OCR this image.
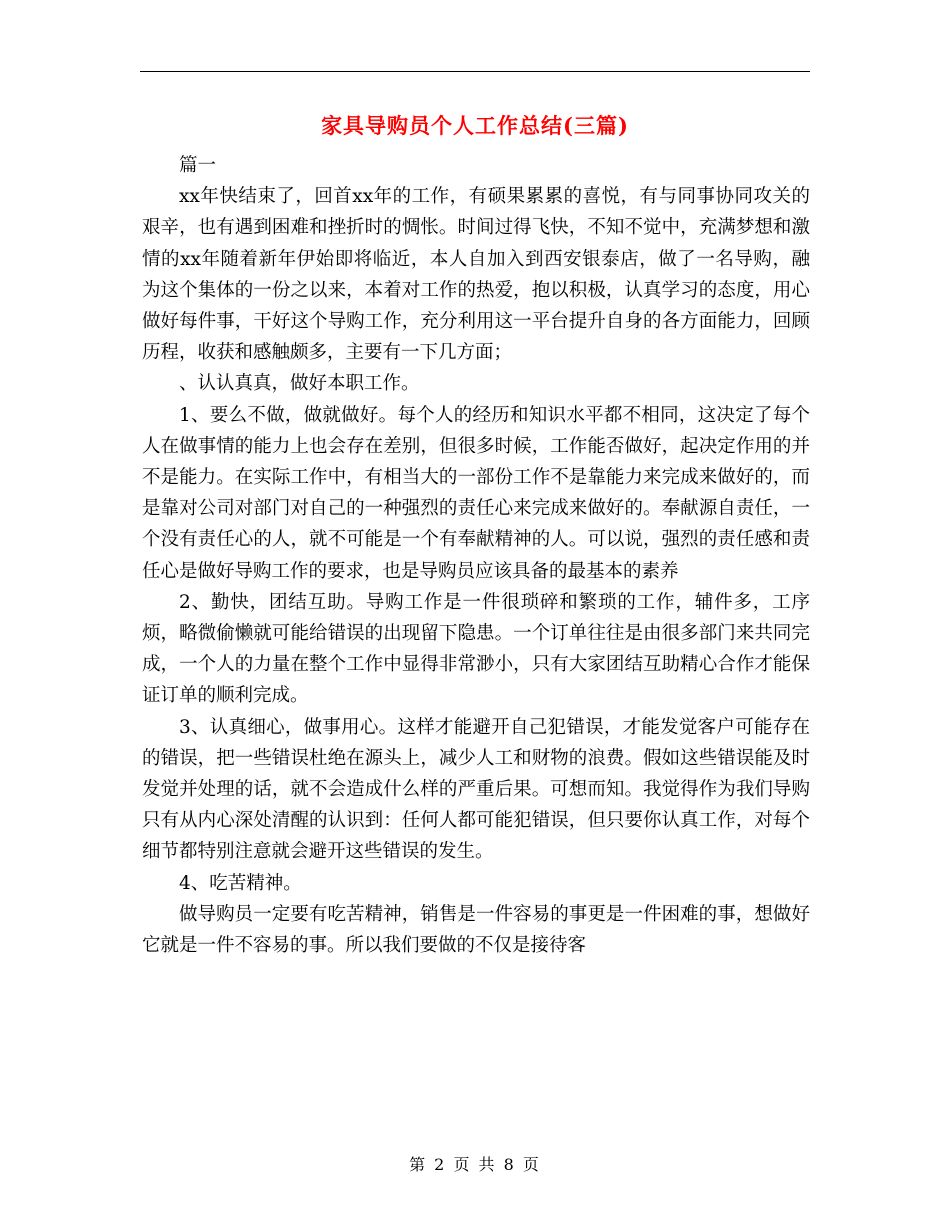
家具导购员个人工作总结(三篇)

篇一

xx年快结束了，回首xx年的工作，有硕果累累的喜悦，有与同事协同攻关的艰辛，也有遇到困难和挫折时的惆怅。时间过得飞快，不知不觉中，充满梦想和激情的xx年随着新年伊始即将临近，本人自加入到西安银泰店，做了一名导购，融为这个集体的一份之以来，本着对工作的热爱，抱以积极，认真学习的态度，用心做好每件事，干好这个导购工作，充分利用这一平台提升自身的各方面能力，回顾历程，收获和感触颇多，主要有一下几方面；

、认认真真，做好本职工作。

1、要么不做，做就做好。每个人的经历和知识水平都不相同，这决定了每个人在做事情的能力上也会存在差别，但很多时候，工作能否做好，起决定作用的并不是能力。在实际工作中，有相当大的一部份工作不是靠能力来完成来做好的，而是靠对公司对部门对自己的一种强烈的责任心来完成来做好的。奉献源自责任，一个没有责任心的人，就不可能是一个有奉献精神的人。可以说，强烈的责任感和责任心是做好导购工作的要求，也是导购员应该具备的最基本的素养

2、勤快，团结互助。导购工作是一件很琐碎和繁琐的工作，辅件多，工序烦，略微偷懒就可能给错误的出现留下隐患。一个订单往往是由很多部门来共同完成，一个人的力量在整个工作中显得非常渺小，只有大家团结互助精心合作才能保证订单的顺利完成。

3、认真细心，做事用心。这样才能避开自己犯错误，才能发觉客户可能存在的错误，把一些错误杜绝在源头上，减少人工和财物的浪费。假如这些错误能及时发觉并处理的话，就不会造成什么样的严重后果。可想而知。我觉得作为我们导购只有从内心深处清醒的认识到：任何人都可能犯错误，但只要你认真工作，对每个细节都特别注意就会避开这些错误的发生。

4、吃苦精神。

做导购员一定要有吃苦精神，销售是一件容易的事更是一件困难的事，想做好它就是一件不容易的事。所以我们要做的不仅是接待客

第 2 页 共 8 页
